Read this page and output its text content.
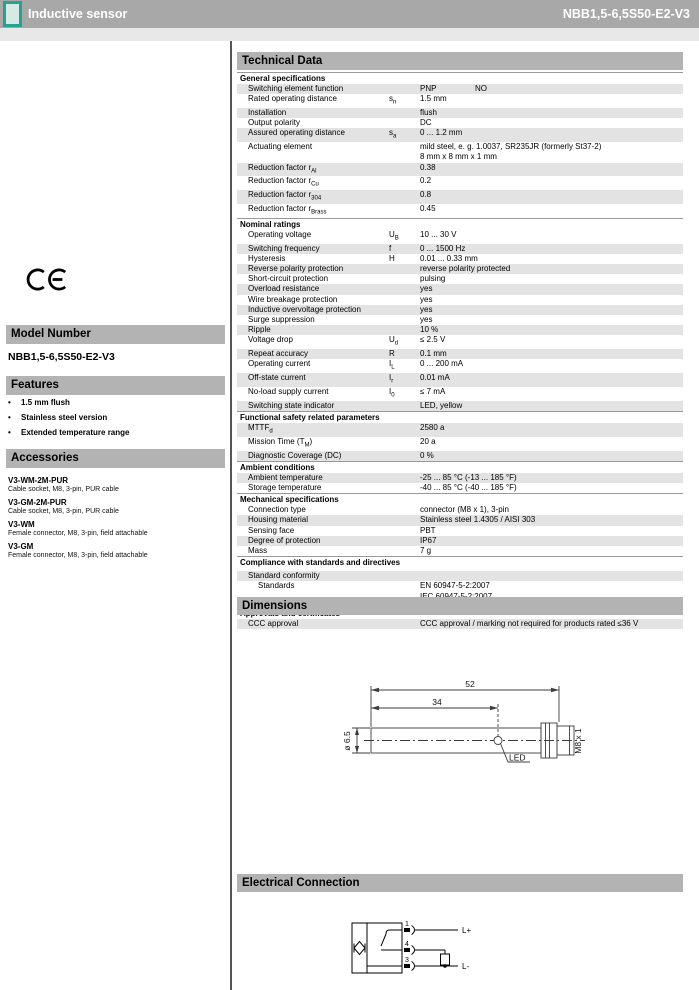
Inductive sensor	NBB1,5-6,5S50-E2-V3
Model Number
NBB1,5-6,5S50-E2-V3
Features
•	1.5 mm flush
•	Stainless steel version
•	Extended temperature range
Accessories
V3-WM-2M-PUR
Cable socket, M8, 3-pin, PUR cable
V3-GM-2M-PUR
Cable socket, M8, 3-pin, PUR cable
V3-WM
Female connector, M8, 3-pin, field attachable
V3-GM
Female connector, M8, 3-pin, field attachable
Technical Data
General specifications
Switching element function	PNP	NO
Rated operating distance	$s_n$	1.5 mm
Installation	flush
Output polarity	DC
Assured operating distance	$s_a$	0 ... 1.2 mm
Actuating element	mild steel, e. g. 1.0037, SR235JR (formerly St37-2)
8 mm x 8 mm x 1 mm
Reduction factor $r_{Al}$	0.38
Reduction factor $r_{Cu}$	0.2
Reduction factor $r_{304}$	0.8
Reduction factor $r_{Brass}$	0.45
Nominal ratings
Operating voltage	$U_B$	10 ... 30 V
Switching frequency	f	0 ... 1500 Hz
Hysteresis	H	0.01 ... 0.33 mm
Reverse polarity protection	reverse polarity protected
Short-circuit protection	pulsing
Overload resistance	yes
Wire breakage protection	yes
Inductive overvoltage protection	yes
Surge suppression	yes
Ripple	10 %
Voltage drop	$U_d$	≤ 2.5 V
Repeat accuracy	R	0.1 mm
Operating current	$I_L$	0 ... 200 mA
Off-state current	$I_r$	0.01 mA
No-load supply current	$I_0$	≤ 7 mA
Switching state indicator	LED, yellow
Functional safety related parameters
$MTTF_d$	2580 a
Mission Time $(T_M)$	20 a
Diagnostic Coverage (DC)	0 %
Ambient conditions
Ambient temperature	-25 ... 85 °C (-13 ... 185 °F)
Storage temperature	-40 ... 85 °C (-40 ... 185 °F)
Mechanical specifications
Connection type	connector (M8 x 1), 3-pin
Housing material	Stainless steel 1.4305 / AISI 303
Sensing face	PBT
Degree of protection	IP67
Mass	7 g
Compliance with standards and directives
Standard conformity
Standards	EN 60947-5-2:2007
CCC approval	CCC approval / marking not required for products rated ≤36 V
Dimensions
52
34
ø 6.5	M8 x 1
LED
Electrical Connection
1
4
3
L+
L-
